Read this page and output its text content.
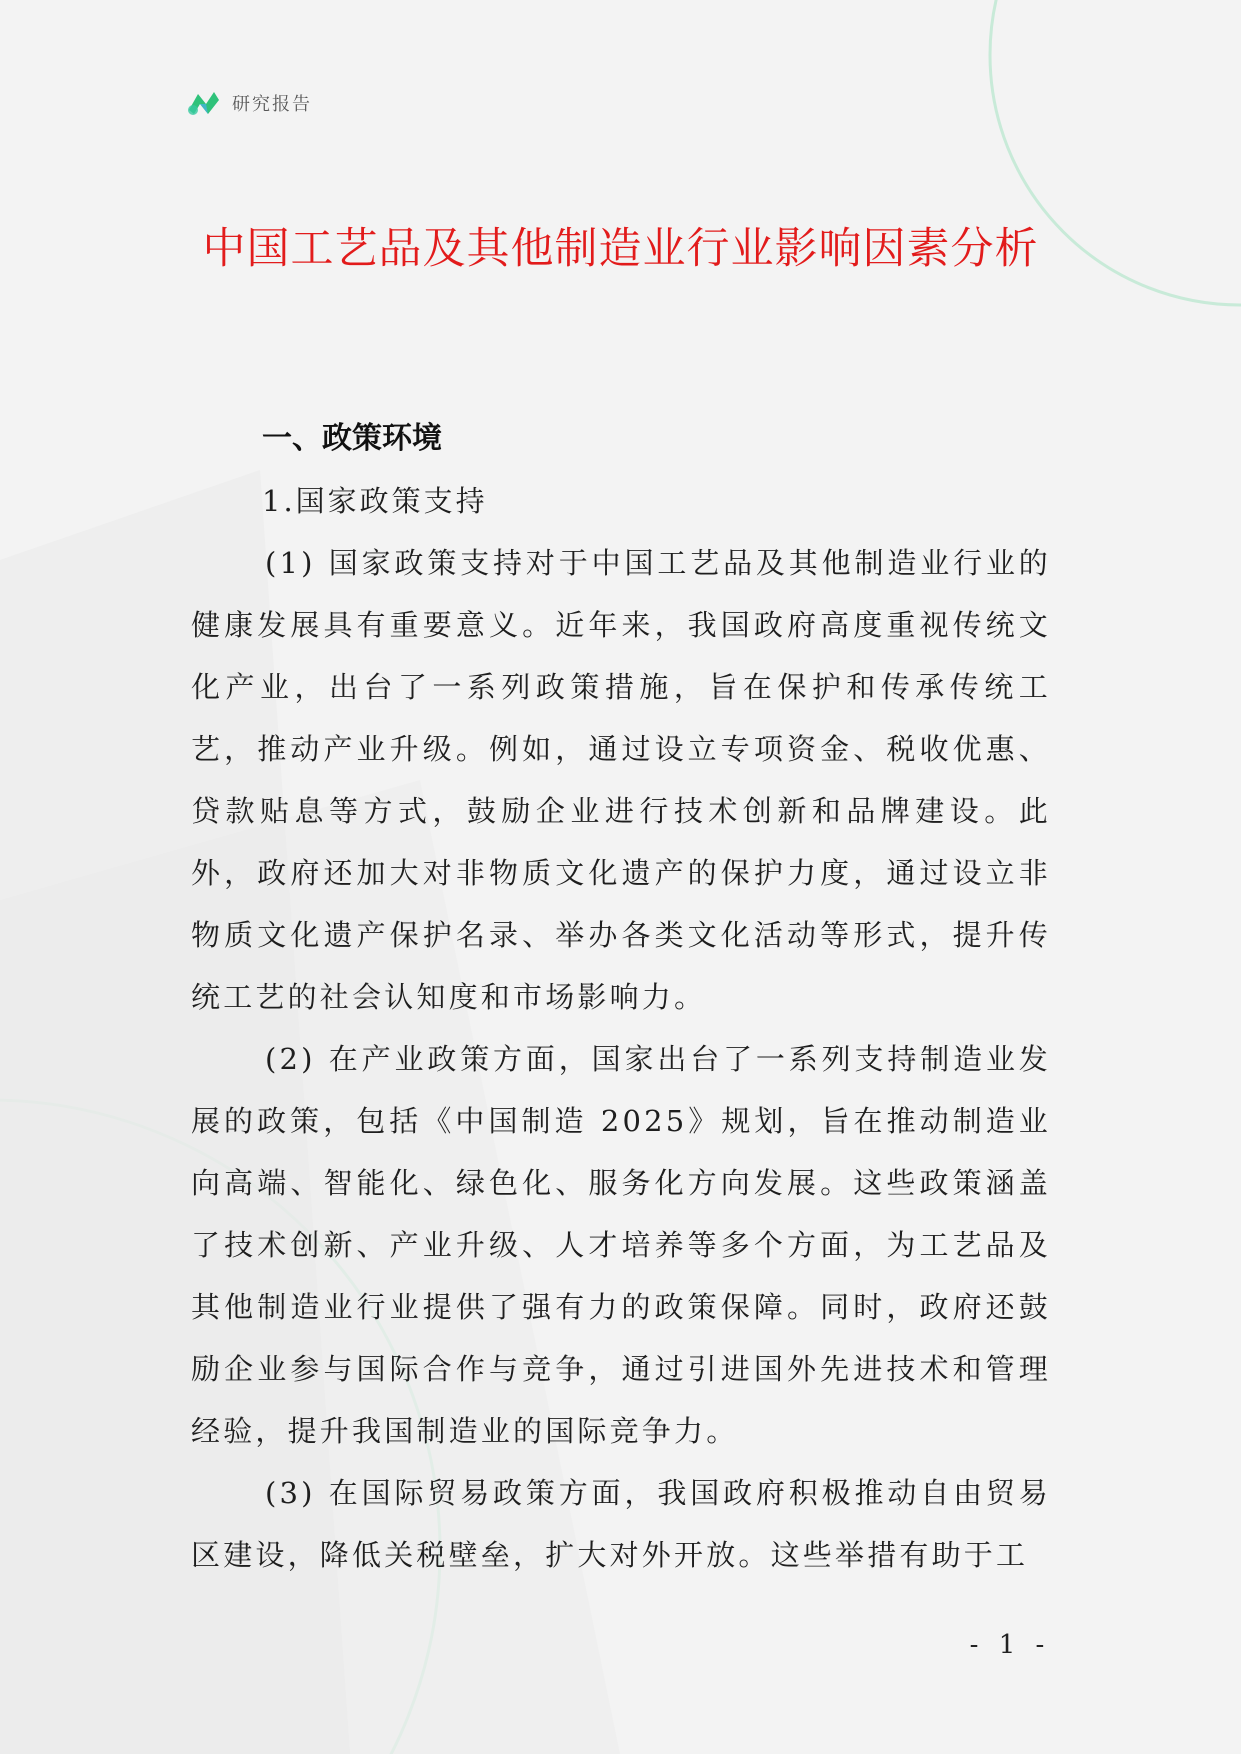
研究报告
中国工艺品及其他制造业行业影响因素分析
一、政策环境
1.国家政策支持

(1) 国家政策支持对于中国工艺品及其他制造业行业的健康发展具有重要意义。近年来，我国政府高度重视传统文化产业，出台了一系列政策措施，旨在保护和传承传统工艺，推动产业升级。例如，通过设立专项资金、税收优惠、贷款贴息等方式，鼓励企业进行技术创新和品牌建设。此外，政府还加大对非物质文化遗产的保护力度，通过设立非物质文化遗产保护名录、举办各类文化活动等形式，提升传统工艺的社会认知度和市场影响力。

(2) 在产业政策方面，国家出台了一系列支持制造业发展的政策，包括《中国制造 2025》规划，旨在推动制造业向高端、智能化、绿色化、服务化方向发展。这些政策涵盖了技术创新、产业升级、人才培养等多个方面，为工艺品及其他制造业行业提供了强有力的政策保障。同时，政府还鼓励企业参与国际合作与竞争，通过引进国外先进技术和管理经验，提升我国制造业的国际竞争力。

(3) 在国际贸易政策方面，我国政府积极推动自由贸易区建设，降低关税壁垒，扩大对外开放。这些举措有助于工

- 1 -
